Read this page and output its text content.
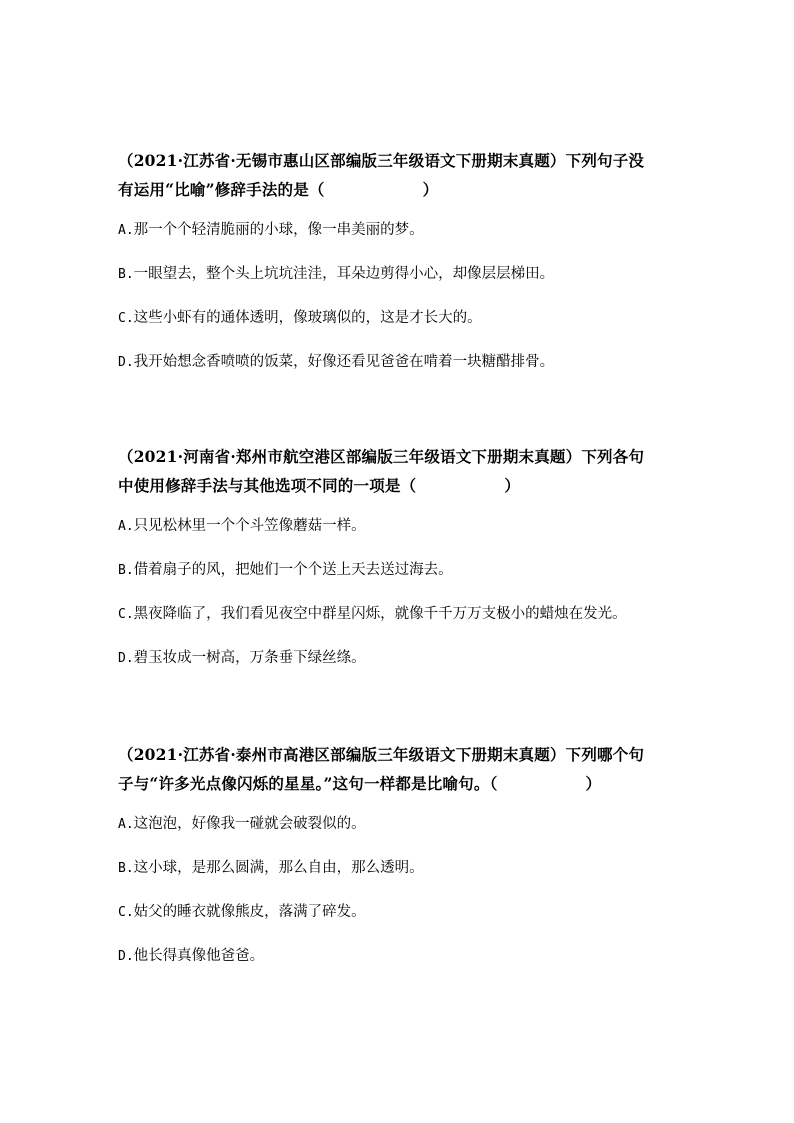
（2021·江苏省·无锡市惠山区部编版三年级语文下册期末真题）下列句子没
有运用“比喻”修辞手法的是（	）

A.那一个个轻清脆丽的小球，像一串美丽的梦。

B.一眼望去，整个头上坑坑洼洼，耳朵边剪得小心，却像层层梯田。

C.这些小虾有的通体透明，像玻璃似的，这是才长大的。

D.我开始想念香喷喷的饭菜，好像还看见爸爸在啃着一块糖醋排骨。

（2021·河南省·郑州市航空港区部编版三年级语文下册期末真题）下列各句
中使用修辞手法与其他选项不同的一项是（	）

A.只见松林里一个个斗笠像蘑菇一样。

B.借着扇子的风，把她们一个个送上天去送过海去。

C.黑夜降临了，我们看见夜空中群星闪烁，就像千千万万支极小的蜡烛在发光。

D.碧玉妆成一树高，万条垂下绿丝绦。

（2021·江苏省·泰州市高港区部编版三年级语文下册期末真题）下列哪个句
子与“许多光点像闪烁的星星。”这句一样都是比喻句。（	）

A.这泡泡，好像我一碰就会破裂似的。

B.这小球，是那么圆满，那么自由，那么透明。

C.姑父的睡衣就像熊皮，落满了碎发。

D.他长得真像他爸爸。
